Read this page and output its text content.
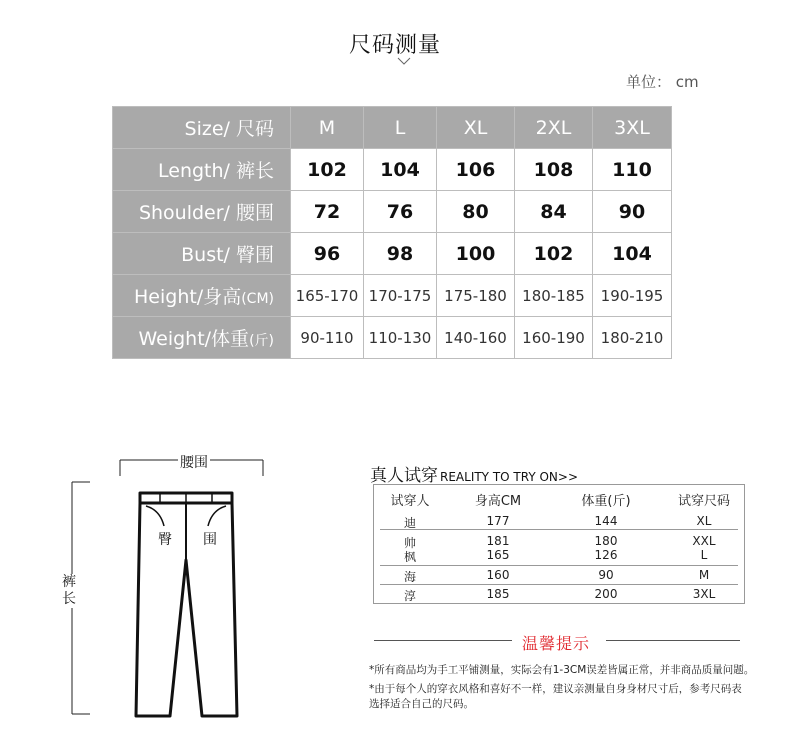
尺码测量
单位： cm
Size/ 尺码	M	L	XL	2XL	3XL
Length/ 裤长	102	104	106	108	110
Shoulder/ 腰围	72	76	80	84	90
Bust/ 臀围	96	98	100	102	104
Height/身高(CM)	165-170	170-175	175-180	180-185	190-195
Weight/体重(斤)	90-110	110-130	140-160	160-190	180-210
腰围
裤长
臀 围
真人试穿 REALITY TO TRY ON>>
试穿人	身高CM	体重(斤)	试穿尺码
迪	177	144	XL
帅	181	180	XXL
枫	165	126	L
海	160	90	M
淳	185	200	3XL
温馨提示
*所有商品均为手工平铺测量，实际会有1-3CM误差皆属正常，并非商品质量问题。
*由于每个人的穿衣风格和喜好不一样，建议亲测量自身身材尺寸后，参考尺码表
选择适合自己的尺码。
